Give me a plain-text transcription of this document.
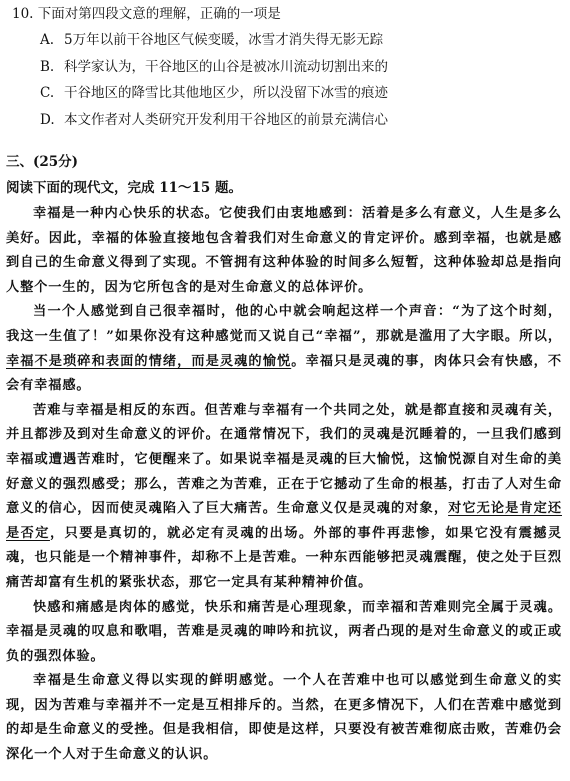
10. 下面对第四段文意的理解，正确的一项是
A. 5万年以前干谷地区气候变暖，冰雪才消失得无影无踪
B. 科学家认为，干谷地区的山谷是被冰川流动切割出来的
C. 干谷地区的降雪比其他地区少，所以没留下冰雪的痕迹
D. 本文作者对人类研究开发利用干谷地区的前景充满信心
三、(25分)
阅读下面的现代文，完成 11～15 题。

幸福是一种内心快乐的状态。它使我们由衷地感到：活着是多么有意义，人生是多么美好。因此，幸福的体验直接地包含着我们对生命意义的肯定评价。感到幸福，也就是感到自己的生命意义得到了实现。不管拥有这种体验的时间多么短暂，这种体验却总是指向人整个一生的，因为它所包含的是对生命意义的总体评价。

当一个人感觉到自己很幸福时，他的心中就会响起这样一个声音：“为了这个时刻，我这一生值了！”如果你没有这种感觉而又说自己“幸福”，那就是滥用了大字眼。所以，幸福不是琐碎和表面的情绪，而是灵魂的愉悦。幸福只是灵魂的事，肉体只会有快感，不会有幸福感。

苦难与幸福是相反的东西。但苦难与幸福有一个共同之处，就是都直接和灵魂有关，并且都涉及到对生命意义的评价。在通常情况下，我们的灵魂是沉睡着的，一旦我们感到幸福或遭遇苦难时，它便醒来了。如果说幸福是灵魂的巨大愉悦，这愉悦源自对生命的美好意义的强烈感受；那么，苦难之为苦难，正在于它撼动了生命的根基，打击了人对生命意义的信心，因而使灵魂陷入了巨大痛苦。生命意义仅是灵魂的对象，对它无论是肯定还是否定，只要是真切的，就必定有灵魂的出场。外部的事件再悲惨，如果它没有震撼灵魂，也只能是一个精神事件，却称不上是苦难。一种东西能够把灵魂震醒，使之处于巨烈痛苦却富有生机的紧张状态，那它一定具有某种精神价值。

快感和痛感是肉体的感觉，快乐和痛苦是心理现象，而幸福和苦难则完全属于灵魂。幸福是灵魂的叹息和歌唱，苦难是灵魂的呻吟和抗议，两者凸现的是对生命意义的或正或负的强烈体验。

幸福是生命意义得以实现的鲜明感觉。一个人在苦难中也可以感觉到生命意义的实现，因为苦难与幸福并不一定是互相排斥的。当然，在更多情况下，人们在苦难中感觉到的却是生命意义的受挫。但是我相信，即使是这样，只要没有被苦难彻底击败，苦难仍会深化一个人对于生命意义的认识。
